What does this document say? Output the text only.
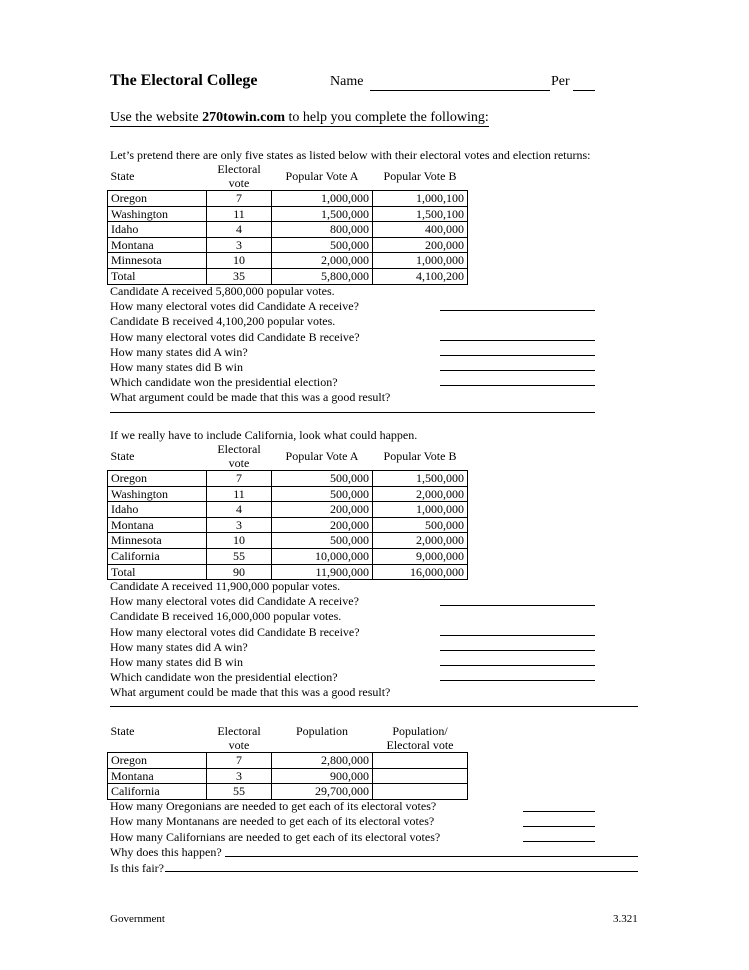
The Electoral College	Name	Per
Use the website 270towin.com to help you complete the following:
Let’s pretend there are only five states as listed below with their electoral votes and election returns:
State	Electoral vote	Popular Vote A	Popular Vote B
Oregon	7	1,000,000	1,000,100
Washington	11	1,500,000	1,500,100
Idaho	4	800,000	400,000
Montana	3	500,000	200,000
Minnesota	10	2,000,000	1,000,000
Total	35	5,800,000	4,100,200
Candidate A received 5,800,000 popular votes.
How many electoral votes did Candidate A receive?
Candidate B received 4,100,200 popular votes.
How many electoral votes did Candidate B receive?
How many states did A win?
How many states did B win
Which candidate won the presidential election?
What argument could be made that this was a good result?
If we really have to include California, look what could happen.
State	Electoral vote	Popular Vote A	Popular Vote B
Oregon	7	500,000	1,500,000
Washington	11	500,000	2,000,000
Idaho	4	200,000	1,000,000
Montana	3	200,000	500,000
Minnesota	10	500,000	2,000,000
California	55	10,000,000	9,000,000
Total	90	11,900,000	16,000,000
Candidate A received 11,900,000 popular votes.
How many electoral votes did Candidate A receive?
Candidate B received 16,000,000 popular votes.
How many electoral votes did Candidate B receive?
How many states did A win?
How many states did B win
Which candidate won the presidential election?
What argument could be made that this was a good result?
State	Electoral vote	Population	Population/ Electoral vote
Oregon	7	2,800,000	
Montana	3	900,000	
California	55	29,700,000	
How many Oregonians are needed to get each of its electoral votes?
How many Montanans are needed to get each of its electoral votes?
How many Californians are needed to get each of its electoral votes?
Why does this happen?
Is this fair?
Government	3.321
